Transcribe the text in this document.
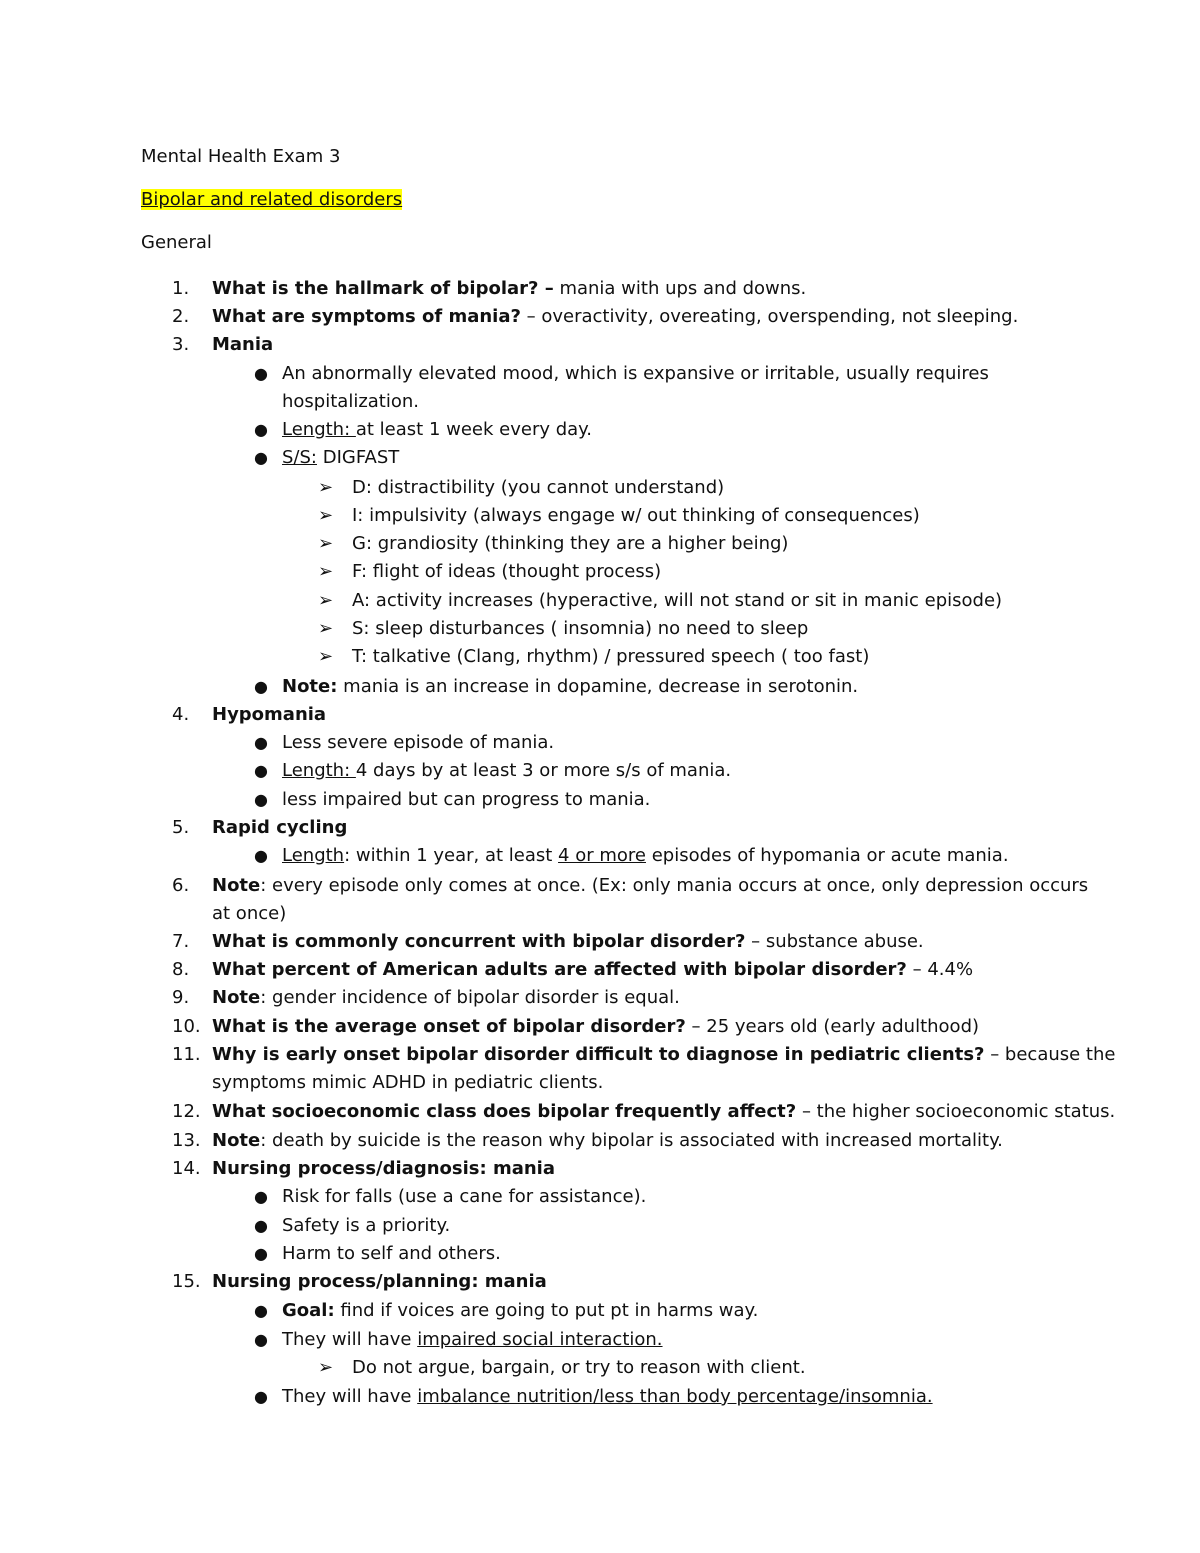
Mental Health Exam 3
Bipolar and related disorders
General
1.	What is the hallmark of bipolar? – mania with ups and downs.
2.	What are symptoms of mania? – overactivity, overeating, overspending, not sleeping.
3.	Mania
● An abnormally elevated mood, which is expansive or irritable, usually requires
hospitalization.
● Length: at least 1 week every day.
● S/S: DIGFAST
➢ D: distractibility (you cannot understand)
➢ I: impulsivity (always engage w/ out thinking of consequences)
➢ G: grandiosity (thinking they are a higher being)
➢ F: flight of ideas (thought process)
➢ A: activity increases (hyperactive, will not stand or sit in manic episode)
➢ S: sleep disturbances ( insomnia) no need to sleep
➢ T: talkative (Clang, rhythm) / pressured speech ( too fast)
● Note: mania is an increase in dopamine, decrease in serotonin.
4.	Hypomania
● Less severe episode of mania.
● Length: 4 days by at least 3 or more s/s of mania.
● less impaired but can progress to mania.
5.	Rapid cycling
● Length: within 1 year, at least 4 or more episodes of hypomania or acute mania.
6.	Note: every episode only comes at once. (Ex: only mania occurs at once, only depression occurs
at once)
7.	What is commonly concurrent with bipolar disorder? – substance abuse.
8.	What percent of American adults are affected with bipolar disorder? – 4.4%
9.	Note: gender incidence of bipolar disorder is equal.
10. What is the average onset of bipolar disorder? – 25 years old (early adulthood)
11. Why is early onset bipolar disorder difficult to diagnose in pediatric clients? – because the
symptoms mimic ADHD in pediatric clients.
12. What socioeconomic class does bipolar frequently affect? – the higher socioeconomic status.
13. Note: death by suicide is the reason why bipolar is associated with increased mortality.
14. Nursing process/diagnosis: mania
● Risk for falls (use a cane for assistance).
● Safety is a priority.
● Harm to self and others.
15. Nursing process/planning: mania
● Goal: find if voices are going to put pt in harms way.
● They will have impaired social interaction.
➢ Do not argue, bargain, or try to reason with client.
● They will have imbalance nutrition/less than body percentage/insomnia.
